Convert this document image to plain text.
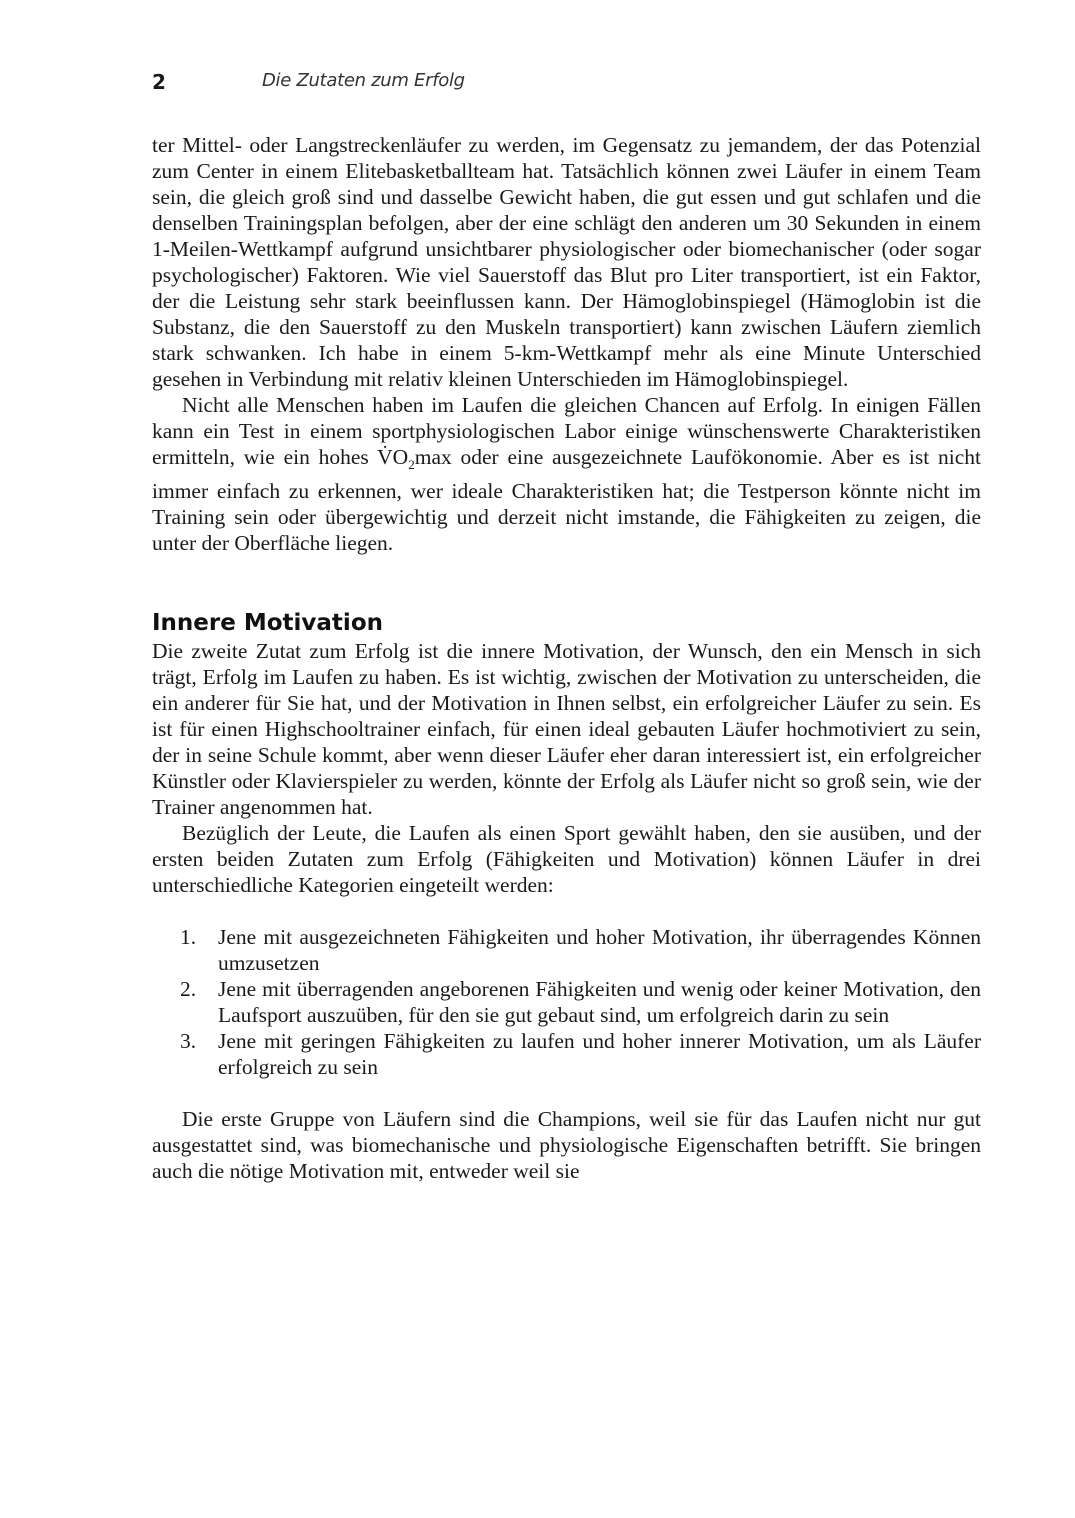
2	Die Zutaten zum Erfolg

ter Mittel- oder Langstreckenläufer zu werden, im Gegensatz zu jemandem, der das Potenzial zum Center in einem Elitebasketballteam hat. Tatsächlich können zwei Läufer in einem Team sein, die gleich groß sind und dasselbe Gewicht haben, die gut essen und gut schlafen und die denselben Trainingsplan befolgen, aber der eine schlägt den anderen um 30 Sekunden in einem 1-Meilen-Wettkampf aufgrund unsichtbarer physiologischer oder biomechanischer (oder sogar psychologischer) Faktoren. Wie viel Sauerstoff das Blut pro Liter transportiert, ist ein Faktor, der die Leistung sehr stark beeinflussen kann. Der Hämoglobinspiegel (Hämoglobin ist die Substanz, die den Sauerstoff zu den Muskeln transportiert) kann zwischen Läufern ziemlich stark schwanken. Ich habe in einem 5-km-Wettkampf mehr als eine Minute Unterschied gesehen in Verbindung mit relativ kleinen Unterschieden im Hämoglobinspiegel.

Nicht alle Menschen haben im Laufen die gleichen Chancen auf Erfolg. In einigen Fällen kann ein Test in einem sportphysiologischen Labor einige wünschenswerte Charakteristiken ermitteln, wie ein hohes $V̇O_2\max$ oder eine ausgezeichnete Laufökonomie. Aber es ist nicht immer einfach zu erkennen, wer ideale Charakteristiken hat; die Testperson könnte nicht im Training sein oder übergewichtig und derzeit nicht imstande, die Fähigkeiten zu zeigen, die unter der Oberfläche liegen.

Innere Motivation

Die zweite Zutat zum Erfolg ist die innere Motivation, der Wunsch, den ein Mensch in sich trägt, Erfolg im Laufen zu haben. Es ist wichtig, zwischen der Motivation zu unterscheiden, die ein anderer für Sie hat, und der Motivation in Ihnen selbst, ein erfolgreicher Läufer zu sein. Es ist für einen Highschooltrainer einfach, für einen ideal gebauten Läufer hochmotiviert zu sein, der in seine Schule kommt, aber wenn dieser Läufer eher daran interessiert ist, ein erfolgreicher Künstler oder Klavierspieler zu werden, könnte der Erfolg als Läufer nicht so groß sein, wie der Trainer angenommen hat.

Bezüglich der Leute, die Laufen als einen Sport gewählt haben, den sie ausüben, und der ersten beiden Zutaten zum Erfolg (Fähigkeiten und Motivation) können Läufer in drei unterschiedliche Kategorien eingeteilt werden:

1.	Jene mit ausgezeichneten Fähigkeiten und hoher Motivation, ihr überragendes Können umzusetzen
2.	Jene mit überragenden angeborenen Fähigkeiten und wenig oder keiner Motivation, den Laufsport auszuüben, für den sie gut gebaut sind, um erfolgreich darin zu sein
3.	Jene mit geringen Fähigkeiten zu laufen und hoher innerer Motivation, um als Läufer erfolgreich zu sein

Die erste Gruppe von Läufern sind die Champions, weil sie für das Laufen nicht nur gut ausgestattet sind, was biomechanische und physiologische Eigenschaften betrifft. Sie bringen auch die nötige Motivation mit, entweder weil sie
